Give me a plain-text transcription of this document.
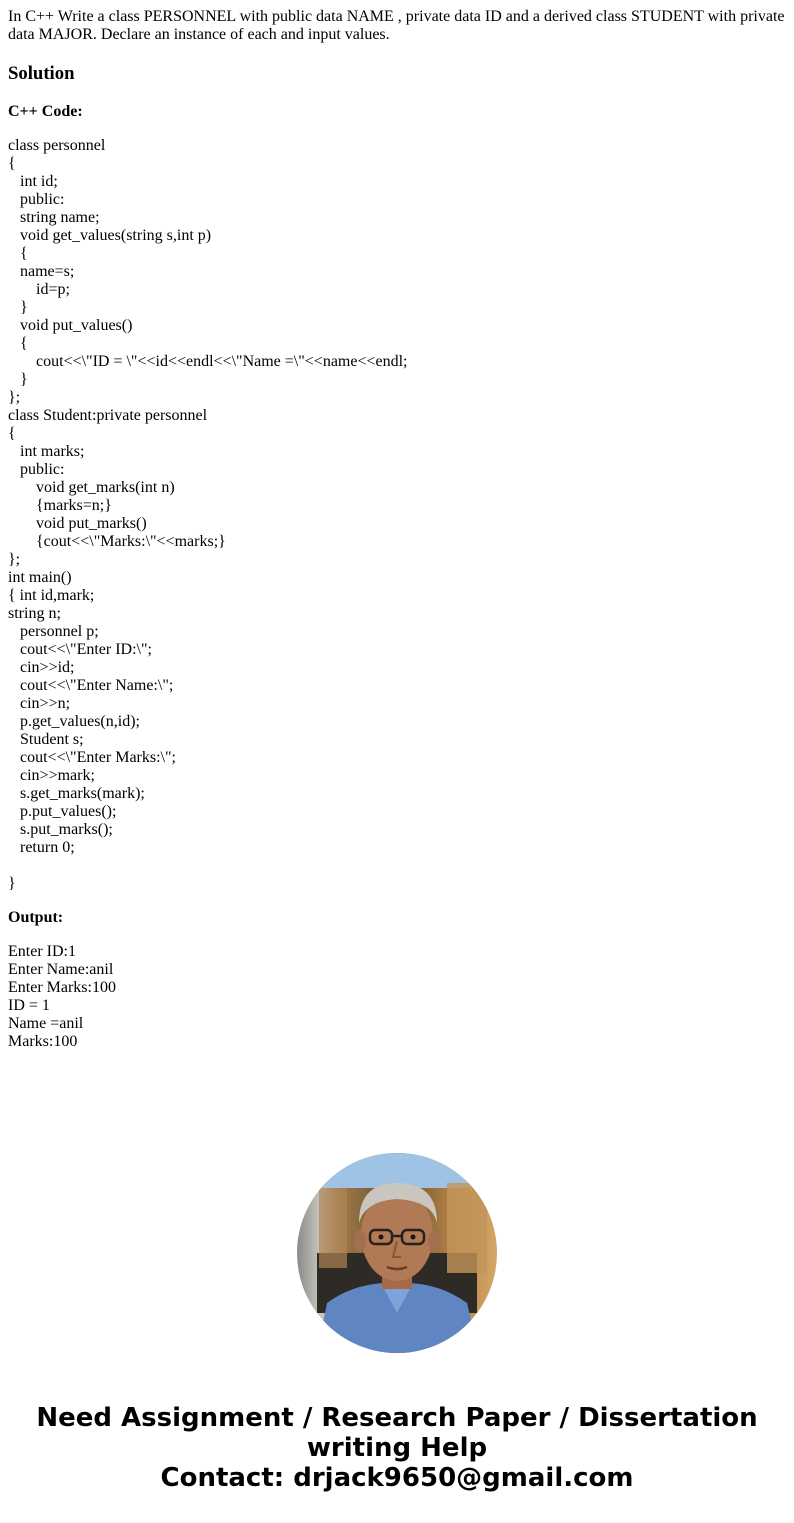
In C++ Write a class PERSONNEL with public data NAME , private data ID and a derived class STUDENT with private data MAJOR. Declare an instance of each and input values.

Solution
C++ Code:
class personnel
{
int id;
public:
string name;
void get_values(string s,int p)
{
name=s;
id=p;
}
void put_values()
{
cout<<\"ID = \"<<id<<endl<<\"Name =\"<<name<<endl;
}
};
class Student:private personnel
{
int marks;
public:
void get_marks(int n)
{marks=n;}
void put_marks()
{cout<<\"Marks:\"<<marks;}
};
int main()
{ int id,mark;
string n;
personnel p;
cout<<\"Enter ID:\";
cin>>id;
cout<<\"Enter Name:\";
cin>>n;
p.get_values(n,id);
Student s;
cout<<\"Enter Marks:\";
cin>>mark;
s.get_marks(mark);
p.put_values();
s.put_marks();
return 0;

}
Output:
Enter ID:1
Enter Name:anil
Enter Marks:100
ID = 1
Name =anil
Marks:100
Need Assignment / Research Paper / Dissertation
writing Help
Contact: drjack9650@gmail.com
